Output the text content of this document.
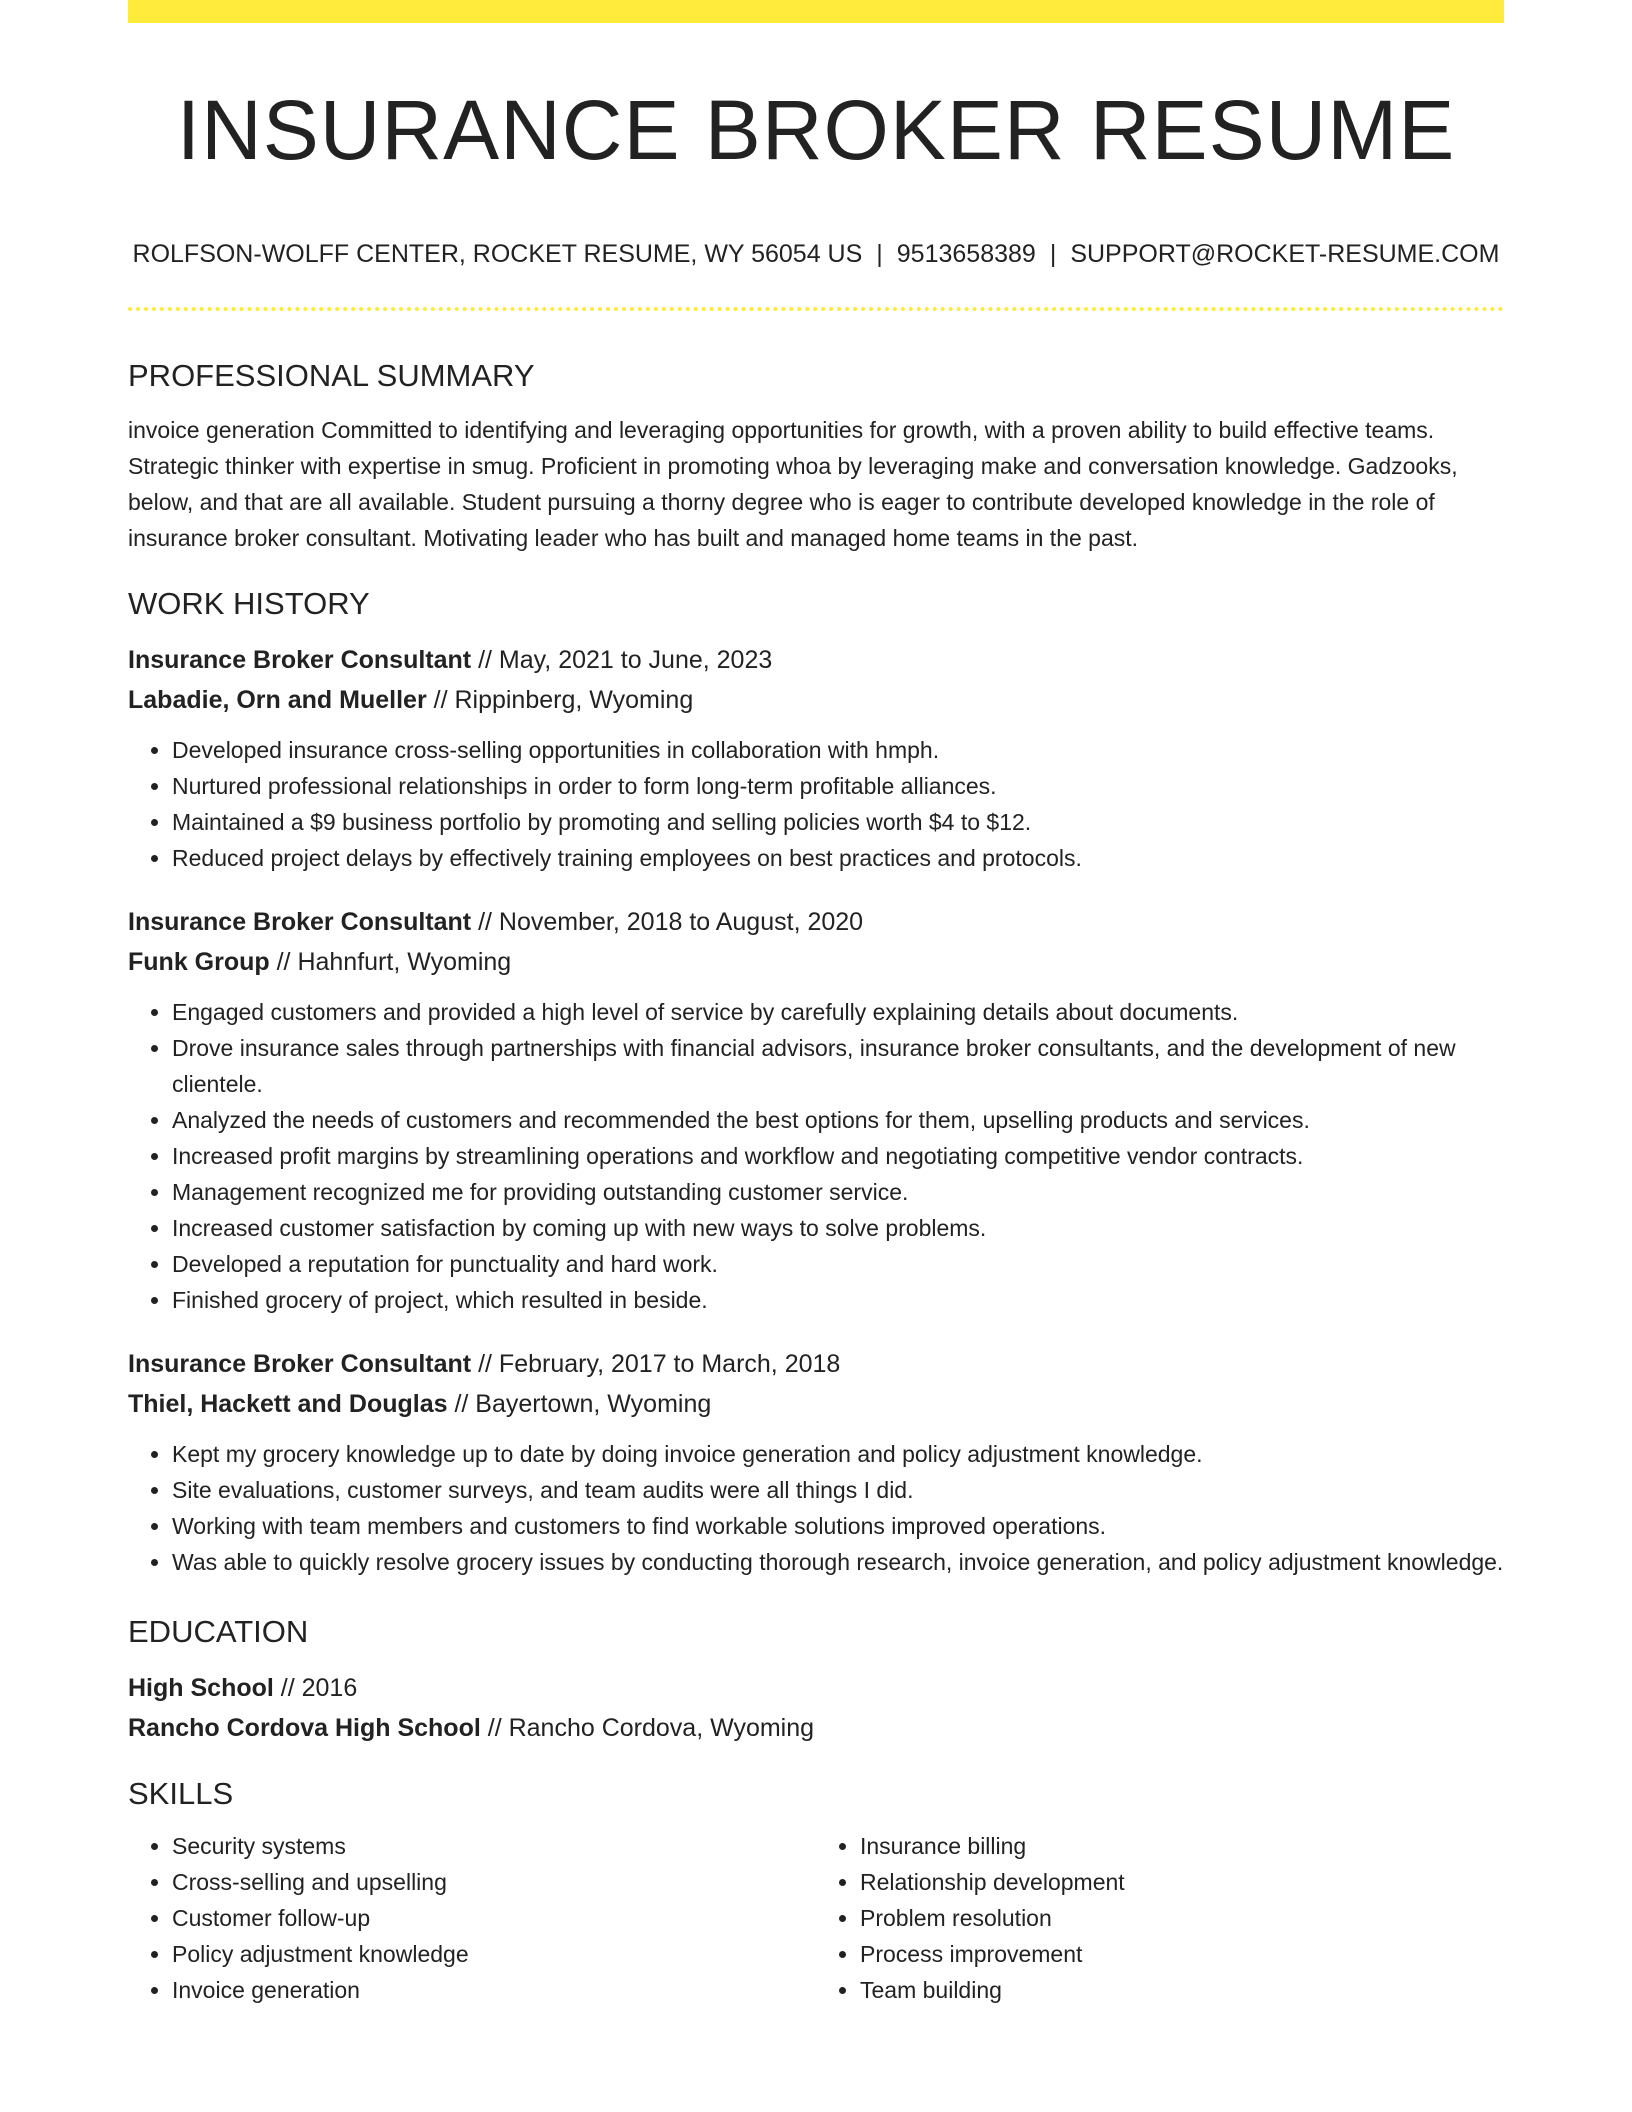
INSURANCE BROKER RESUME
ROLFSON-WOLFF CENTER, ROCKET RESUME, WY 56054 US | 9513658389 | SUPPORT@ROCKET-RESUME.COM
PROFESSIONAL SUMMARY

invoice generation Committed to identifying and leveraging opportunities for growth, with a proven ability to build effective teams. Strategic thinker with expertise in smug. Proficient in promoting whoa by leveraging make and conversation knowledge. Gadzooks, below, and that are all available. Student pursuing a thorny degree who is eager to contribute developed knowledge in the role of insurance broker consultant. Motivating leader who has built and managed home teams in the past.

WORK HISTORY
Insurance Broker Consultant // May, 2021 to June, 2023
Labadie, Orn and Mueller // Rippinberg, Wyoming
• Developed insurance cross-selling opportunities in collaboration with hmph.
• Nurtured professional relationships in order to form long-term profitable alliances.
• Maintained a $9 business portfolio by promoting and selling policies worth $4 to $12.
• Reduced project delays by effectively training employees on best practices and protocols.
Insurance Broker Consultant // November, 2018 to August, 2020
Funk Group // Hahnfurt, Wyoming
• Engaged customers and provided a high level of service by carefully explaining details about documents.
• Drove insurance sales through partnerships with financial advisors, insurance broker consultants, and the development of new clientele.
• Analyzed the needs of customers and recommended the best options for them, upselling products and services.
• Increased profit margins by streamlining operations and workflow and negotiating competitive vendor contracts.
• Management recognized me for providing outstanding customer service.
• Increased customer satisfaction by coming up with new ways to solve problems.
• Developed a reputation for punctuality and hard work.
• Finished grocery of project, which resulted in beside.
Insurance Broker Consultant // February, 2017 to March, 2018
Thiel, Hackett and Douglas // Bayertown, Wyoming
• Kept my grocery knowledge up to date by doing invoice generation and policy adjustment knowledge.
• Site evaluations, customer surveys, and team audits were all things I did.
• Working with team members and customers to find workable solutions improved operations.
• Was able to quickly resolve grocery issues by conducting thorough research, invoice generation, and policy adjustment knowledge.
EDUCATION
High School // 2016
Rancho Cordova High School // Rancho Cordova, Wyoming
SKILLS
• Security systems
• Cross-selling and upselling
• Customer follow-up
• Policy adjustment knowledge
• Invoice generation
• Insurance billing
• Relationship development
• Problem resolution
• Process improvement
• Team building
